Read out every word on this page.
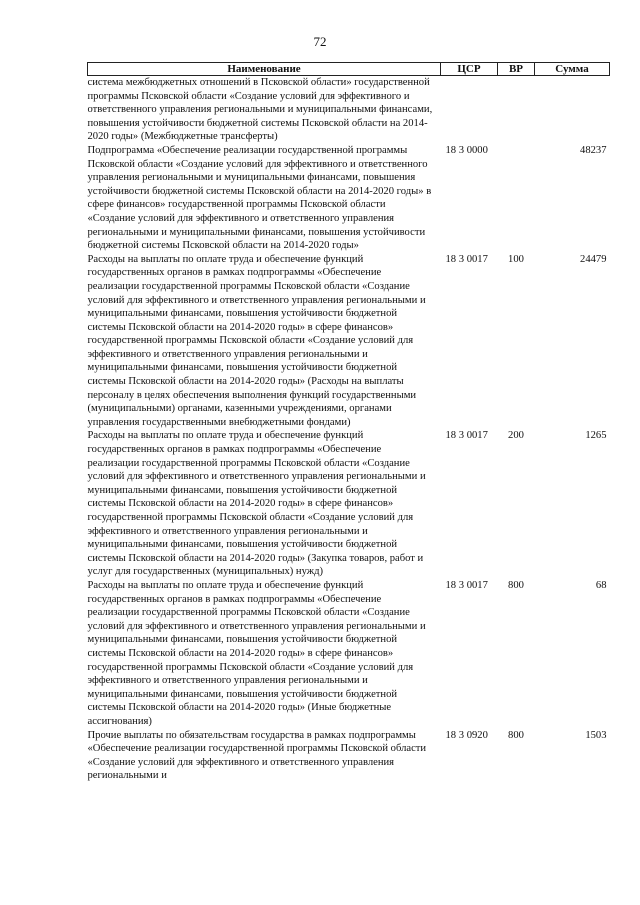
72
Наименование	ЦСР	ВР	Сумма
система межбюджетных отношений в Псковской области» государственной программы Псковской области «Создание условий для эффективного и ответственного управления региональными и муниципальными финансами, повышения устойчивости бюджетной системы Псковской области на 2014-2020 годы» (Межбюджетные трансферты)			
Подпрограмма «Обеспечение реализации государственной программы Псковской области «Создание условий для эффективного и ответственного управления региональными и муниципальными финансами, повышения устойчивости бюджетной системы Псковской области на 2014-2020 годы» в сфере финансов» государственной программы Псковской области «Создание условий для эффективного и ответственного управления региональными и муниципальными финансами, повышения устойчивости бюджетной системы Псковской области на 2014-2020 годы»	18 3 0000		48237
Расходы на выплаты по оплате труда и обеспечение функций государственных органов в рамках подпрограммы «Обеспечение реализации государственной программы Псковской области «Создание условий для эффективного и ответственного управления региональными и муниципальными финансами, повышения устойчивости бюджетной системы Псковской области на 2014-2020 годы» в сфере финансов» государственной программы Псковской области «Создание условий для эффективного и ответственного управления региональными и муниципальными финансами, повышения устойчивости бюджетной системы Псковской области на 2014-2020 годы» (Расходы на выплаты персоналу в целях обеспечения выполнения функций государственными (муниципальными) органами, казенными учреждениями, органами управления государственными внебюджетными фондами)	18 3 0017	100	24479
Расходы на выплаты по оплате труда и обеспечение функций государственных органов в рамках подпрограммы «Обеспечение реализации государственной программы Псковской области «Создание условий для эффективного и ответственного управления региональными и муниципальными финансами, повышения устойчивости бюджетной системы Псковской области на 2014-2020 годы» в сфере финансов» государственной программы Псковской области «Создание условий для эффективного и ответственного управления региональными и муниципальными финансами, повышения устойчивости бюджетной системы Псковской области на 2014-2020 годы» (Закупка товаров, работ и услуг для государственных (муниципальных) нужд)	18 3 0017	200	1265
Расходы на выплаты по оплате труда и обеспечение функций государственных органов в рамках подпрограммы «Обеспечение реализации государственной программы Псковской области «Создание условий для эффективного и ответственного управления региональными и муниципальными финансами, повышения устойчивости бюджетной системы Псковской области на 2014-2020 годы» в сфере финансов» государственной программы Псковской области «Создание условий для эффективного и ответственного управления региональными и муниципальными финансами, повышения устойчивости бюджетной системы Псковской области на 2014-2020 годы» (Иные бюджетные ассигнования)	18 3 0017	800	68
Прочие выплаты по обязательствам государства в рамках подпрограммы «Обеспечение реализации государственной программы Псковской области «Создание условий для эффективного и ответственного управления региональными и	18 3 0920	800	1503
